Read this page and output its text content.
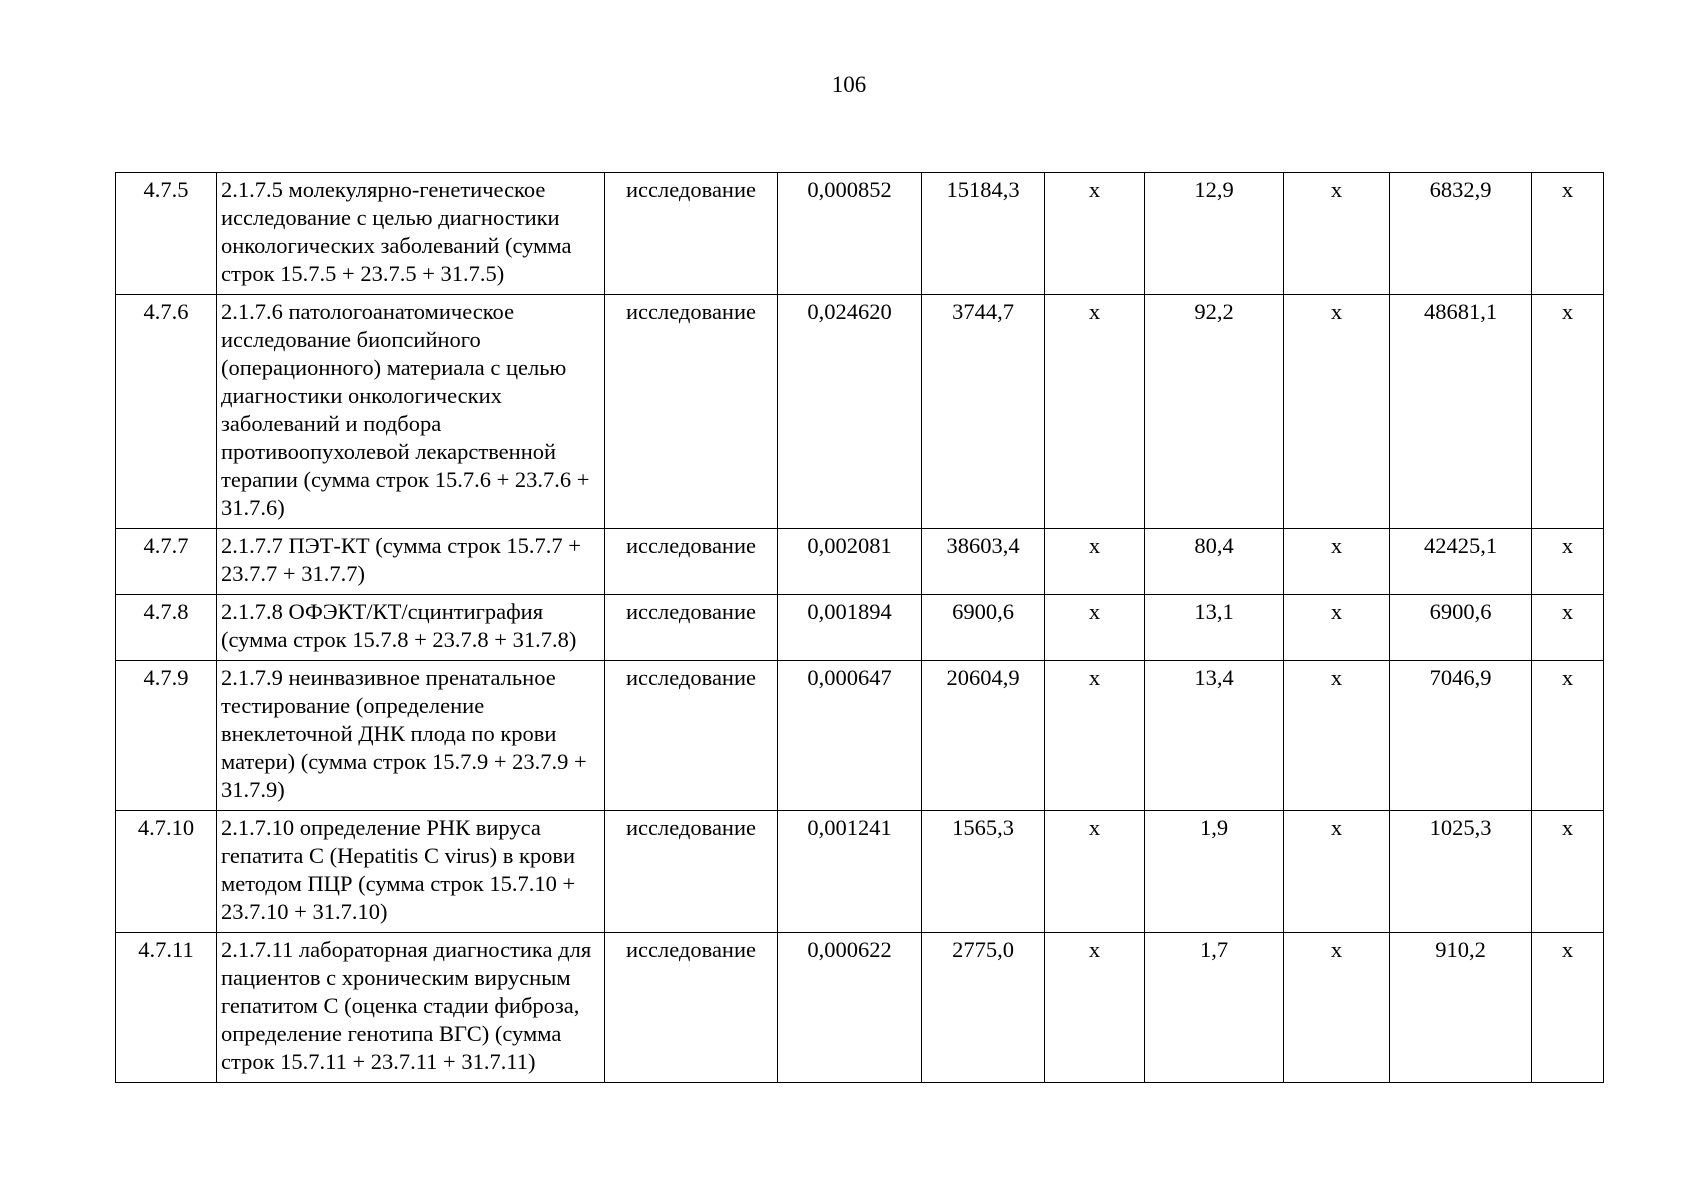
106
4.7.5	2.1.7.5 молекулярно-генетическое исследование с целью диагностики онкологических заболеваний (сумма строк 15.7.5 + 23.7.5 + 31.7.5)	исследование	0,000852	15184,3	х	12,9	х	6832,9	х
4.7.6	2.1.7.6 патологоанатомическое исследование биопсийного (операционного) материала с целью диагностики онкологических заболеваний и подбора противоопухолевой лекарственной терапии (сумма строк 15.7.6 + 23.7.6 + 31.7.6)	исследование	0,024620	3744,7	х	92,2	х	48681,1	х
4.7.7	2.1.7.7 ПЭТ-КТ (сумма строк 15.7.7 + 23.7.7 + 31.7.7)	исследование	0,002081	38603,4	х	80,4	х	42425,1	х
4.7.8	2.1.7.8 ОФЭКТ/КТ/сцинтиграфия (сумма строк 15.7.8 + 23.7.8 + 31.7.8)	исследование	0,001894	6900,6	х	13,1	х	6900,6	х
4.7.9	2.1.7.9 неинвазивное пренатальное тестирование (определение внеклеточной ДНК плода по крови матери) (сумма строк 15.7.9 + 23.7.9 + 31.7.9)	исследование	0,000647	20604,9	х	13,4	х	7046,9	х
4.7.10	2.1.7.10 определение РНК вируса гепатита С (Hepatitis C virus) в крови методом ПЦР (сумма строк 15.7.10 + 23.7.10 + 31.7.10)	исследование	0,001241	1565,3	х	1,9	х	1025,3	х
4.7.11	2.1.7.11 лабораторная диагностика для пациентов с хроническим вирусным гепатитом С (оценка стадии фиброза, определение генотипа ВГС) (сумма строк 15.7.11 + 23.7.11 + 31.7.11)	исследование	0,000622	2775,0	х	1,7	х	910,2	х
